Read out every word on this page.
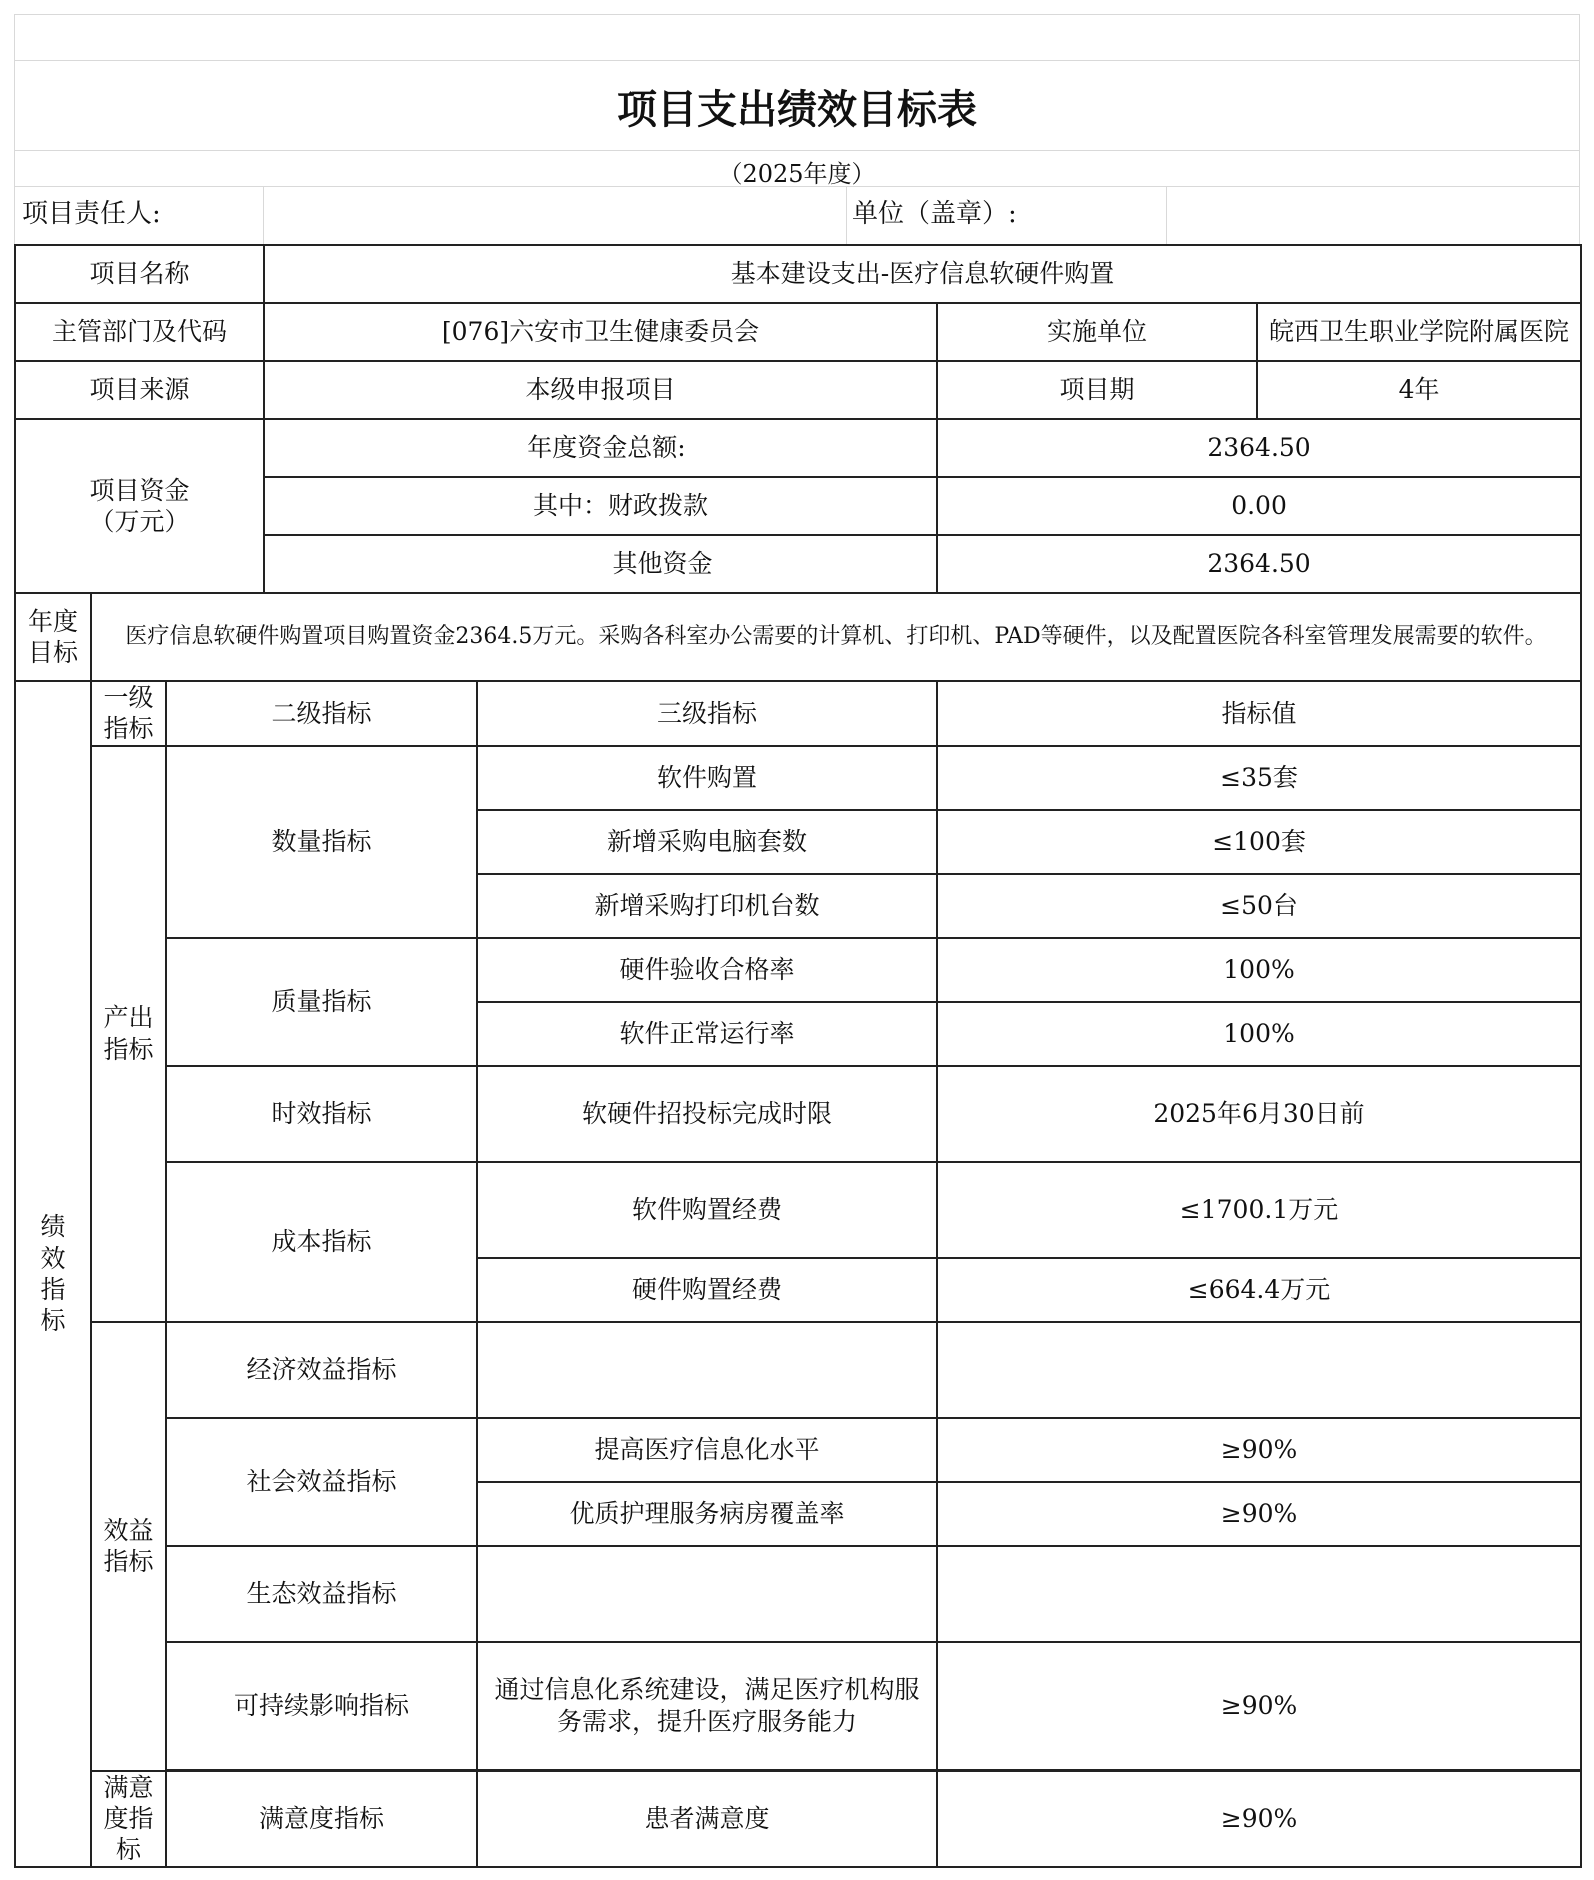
项目支出绩效目标表
（2025年度）
项目责任人:	单位（盖章）:
项目名称			基本建设支出-医疗信息软硬件购置			
主管部门及代码			[076]六安市卫生健康委员会		实施单位	皖西卫生职业学院附属医院
项目来源			本级申报项目		项目期	4年
项目资金
（万元）			年度资金总额:		2364.50	
			其中：财政拨款		0.00	
			其他资金		2364.50	
年度目标	医疗信息软硬件购置项目购置资金2364.5万元。采购各科室办公需要的计算机、打印机、PAD等硬件，以及配置医院各科室管理发展需要的软件。					
绩效指标	一级指标	二级指标		三级指标	指标值	
	产出指标	数量指标		软件购置	≤35套	
				新增采购电脑套数	≤100套	
				新增采购打印机台数	≤50台	
		质量指标		硬件验收合格率	100%	
				软件正常运行率	100%	
		时效指标		软硬件招投标完成时限	2025年6月30日前	
		成本指标		软件购置经费	≤1700.1万元	
				硬件购置经费	≤664.4万元	
	效益指标	经济效益指标				
		社会效益指标		提高医疗信息化水平	≥90%	
				优质护理服务病房覆盖率	≥90%	
		生态效益指标				
		可持续影响指标		通过信息化系统建设，满足医疗机构服务需求，提升医疗服务能力	≥90%	

	满意度指标	满意度指标		患者满意度	≥90%	
